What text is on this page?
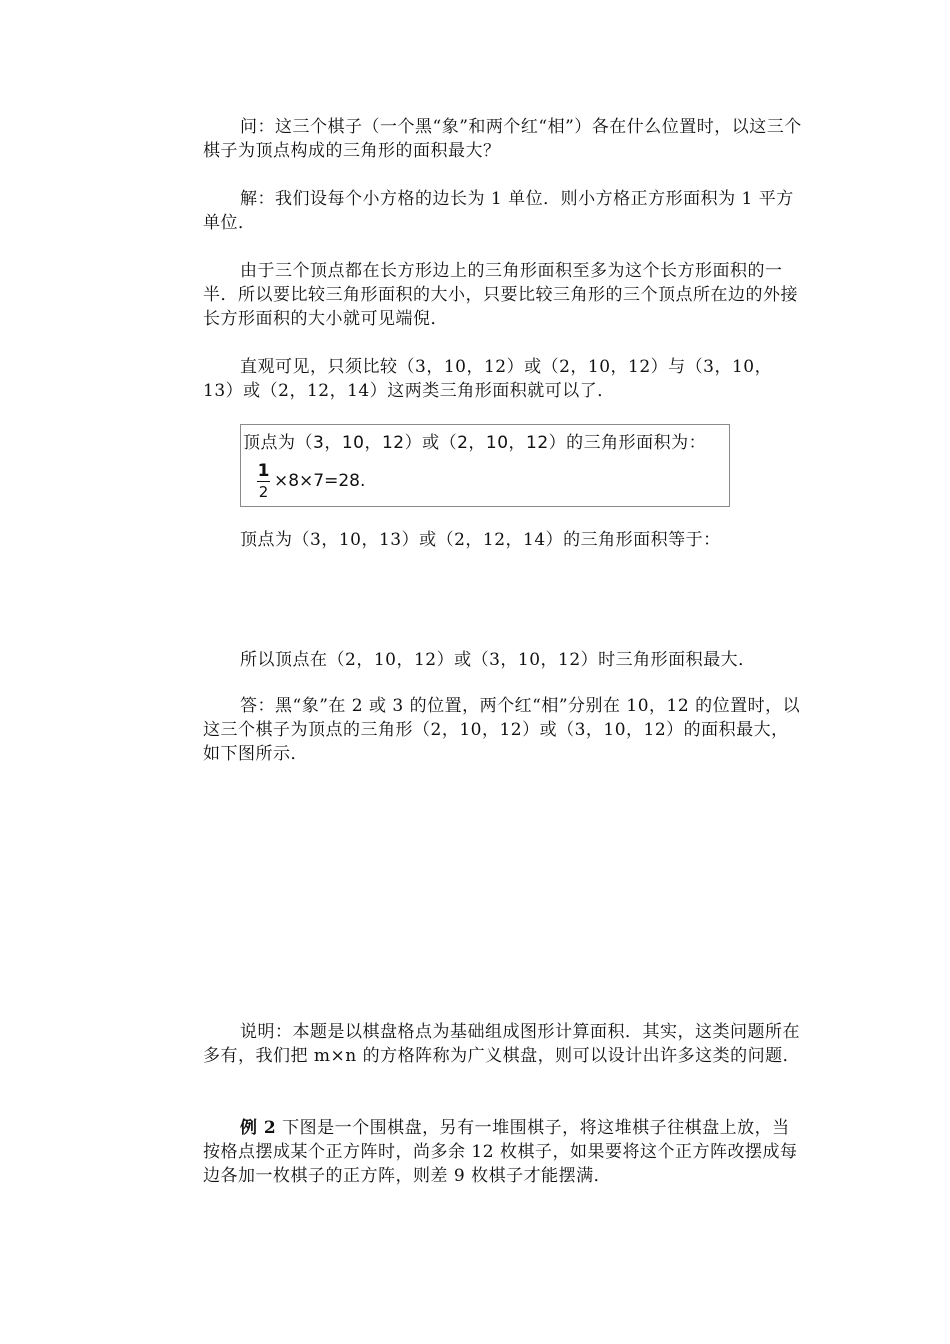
问：这三个棋子（一个黑“象”和两个红“相”）各在什么位置时，以这三个棋子为顶点构成的三角形的面积最大？

解：我们设每个小方格的边长为 1 单位．则小方格正方形面积为 1 平方单位．

由于三个顶点都在长方形边上的三角形面积至多为这个长方形面积的一半．所以要比较三角形面积的大小，只要比较三角形的三个顶点所在边的外接长方形面积的大小就可见端倪．

直观可见，只须比较（3，10，12）或（2，10，12）与（3，10，13）或（2，12，14）这两类三角形面积就可以了．

顶点为（3，10，12）或（2，10，12）的三角形面积为：
$\frac{1}{2} \times 8\times 7=28$.

顶点为（3，10，13）或（2，12，14）的三角形面积等于：

所以顶点在（2，10，12）或（3，10，12）时三角形面积最大．

答：黑“象”在 2 或 3 的位置，两个红“相”分别在 10，12 的位置时，以这三个棋子为顶点的三角形（2，10，12）或（3，10，12）的面积最大，如下图所示．

说明：本题是以棋盘格点为基础组成图形计算面积．其实，这类问题所在多有，我们把 m×n 的方格阵称为广义棋盘，则可以设计出许多这类的问题．

例 2 下图是一个围棋盘，另有一堆围棋子，将这堆棋子往棋盘上放，当按格点摆成某个正方阵时，尚多余 12 枚棋子，如果要将这个正方阵改摆成每边各加一枚棋子的正方阵，则差 9 枚棋子才能摆满．
